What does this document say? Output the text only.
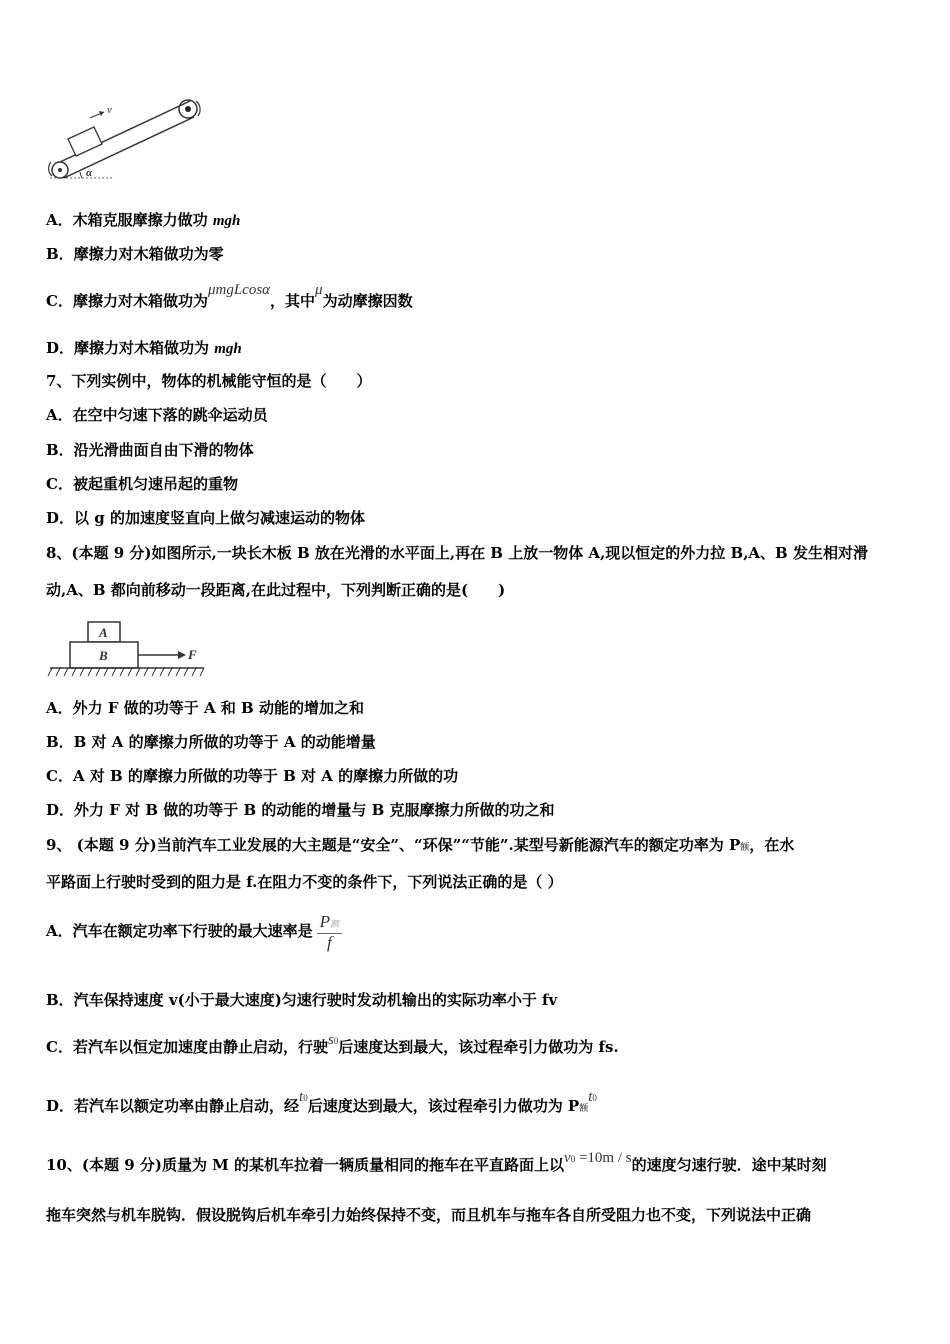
v
α
A．木箱克服摩擦力做功 mgh
B．摩擦力对木箱做功为零
C．摩擦力对木箱做功为μmgLcosα，其中μ为动摩擦因数
D．摩擦力对木箱做功为 mgh
7、下列实例中，物体的机械能守恒的是（　　）
A．在空中匀速下落的跳伞运动员
B．沿光滑曲面自由下滑的物体
C．被起重机匀速吊起的重物
D．以 g 的加速度竖直向上做匀减速运动的物体
8、(本题 9 分)如图所示,一块长木板 B 放在光滑的水平面上,再在 B 上放一物体 A,现以恒定的外力拉 B,A、B 发生相对滑
动,A、B 都向前移动一段距离,在此过程中，下列判断正确的是(　　)
A
B	F
A．外力 F 做的功等于 A 和 B 动能的增加之和
B．B 对 A 的摩擦力所做的功等于 A 的动能增量
C．A 对 B 的摩擦力所做的功等于 B 对 A 的摩擦力所做的功
D．外力 F 对 B 做的功等于 B 的动能的增量与 B 克服摩擦力所做的功之和
9、 (本题 9 分)当前汽车工业发展的大主题是“安全”、“环保”“节能”.某型号新能源汽车的额定功率为 P额，在水
平路面上行驶时受到的阻力是 f.在阻力不变的条件下，下列说法正确的是（ ）
A．汽车在额定功率下行驶的最大速率是 $\frac{\text{P额}}{f}$
B．汽车保持速度 v(小于最大速度)匀速行驶时发动机输出的实际功率小于 fv
C．若汽车以恒定加速度由静止启动，行驶s0后速度达到最大，该过程牵引力做功为 fs.
D．若汽车以额定功率由静止启动，经t0后速度达到最大，该过程牵引力做功为 P额t0
10、(本题 9 分)质量为 M 的某机车拉着一辆质量相同的拖车在平直路面上以v0 =10m / s的速度匀速行驶．途中某时刻
拖车突然与机车脱钩．假设脱钩后机车牵引力始终保持不变，而且机车与拖车各自所受阻力也不变，下列说法中正确
